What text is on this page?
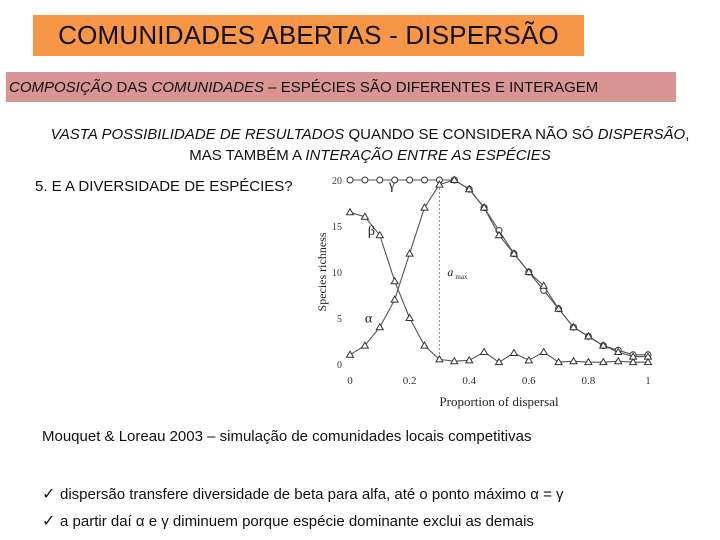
COMUNIDADES ABERTAS - DISPERSÃO
COMPOSIÇÃO DAS COMUNIDADES – ESPÉCIES SÃO DIFERENTES E INTERAGEM
VASTA POSSIBILIDADE DE RESULTADOS QUANDO SE CONSIDERA NÃO SÓ DISPERSÃO,
MAS TAMBÉM A INTERAÇÃO ENTRE AS ESPÉCIES
5. E A DIVERSIDADE DE ESPÉCIES?
0
5
10
15
20
0	0.2	0.4	0.6	0.8	1
Proportion of dispersal
Species richness	a max
γ
β
α
Mouquet & Loreau 2003 – simulação de comunidades locais competitivas
✓ dispersão transfere diversidade de beta para alfa, até o ponto máximo α = γ
✓ a partir daí α e γ diminuem porque espécie dominante exclui as demais
